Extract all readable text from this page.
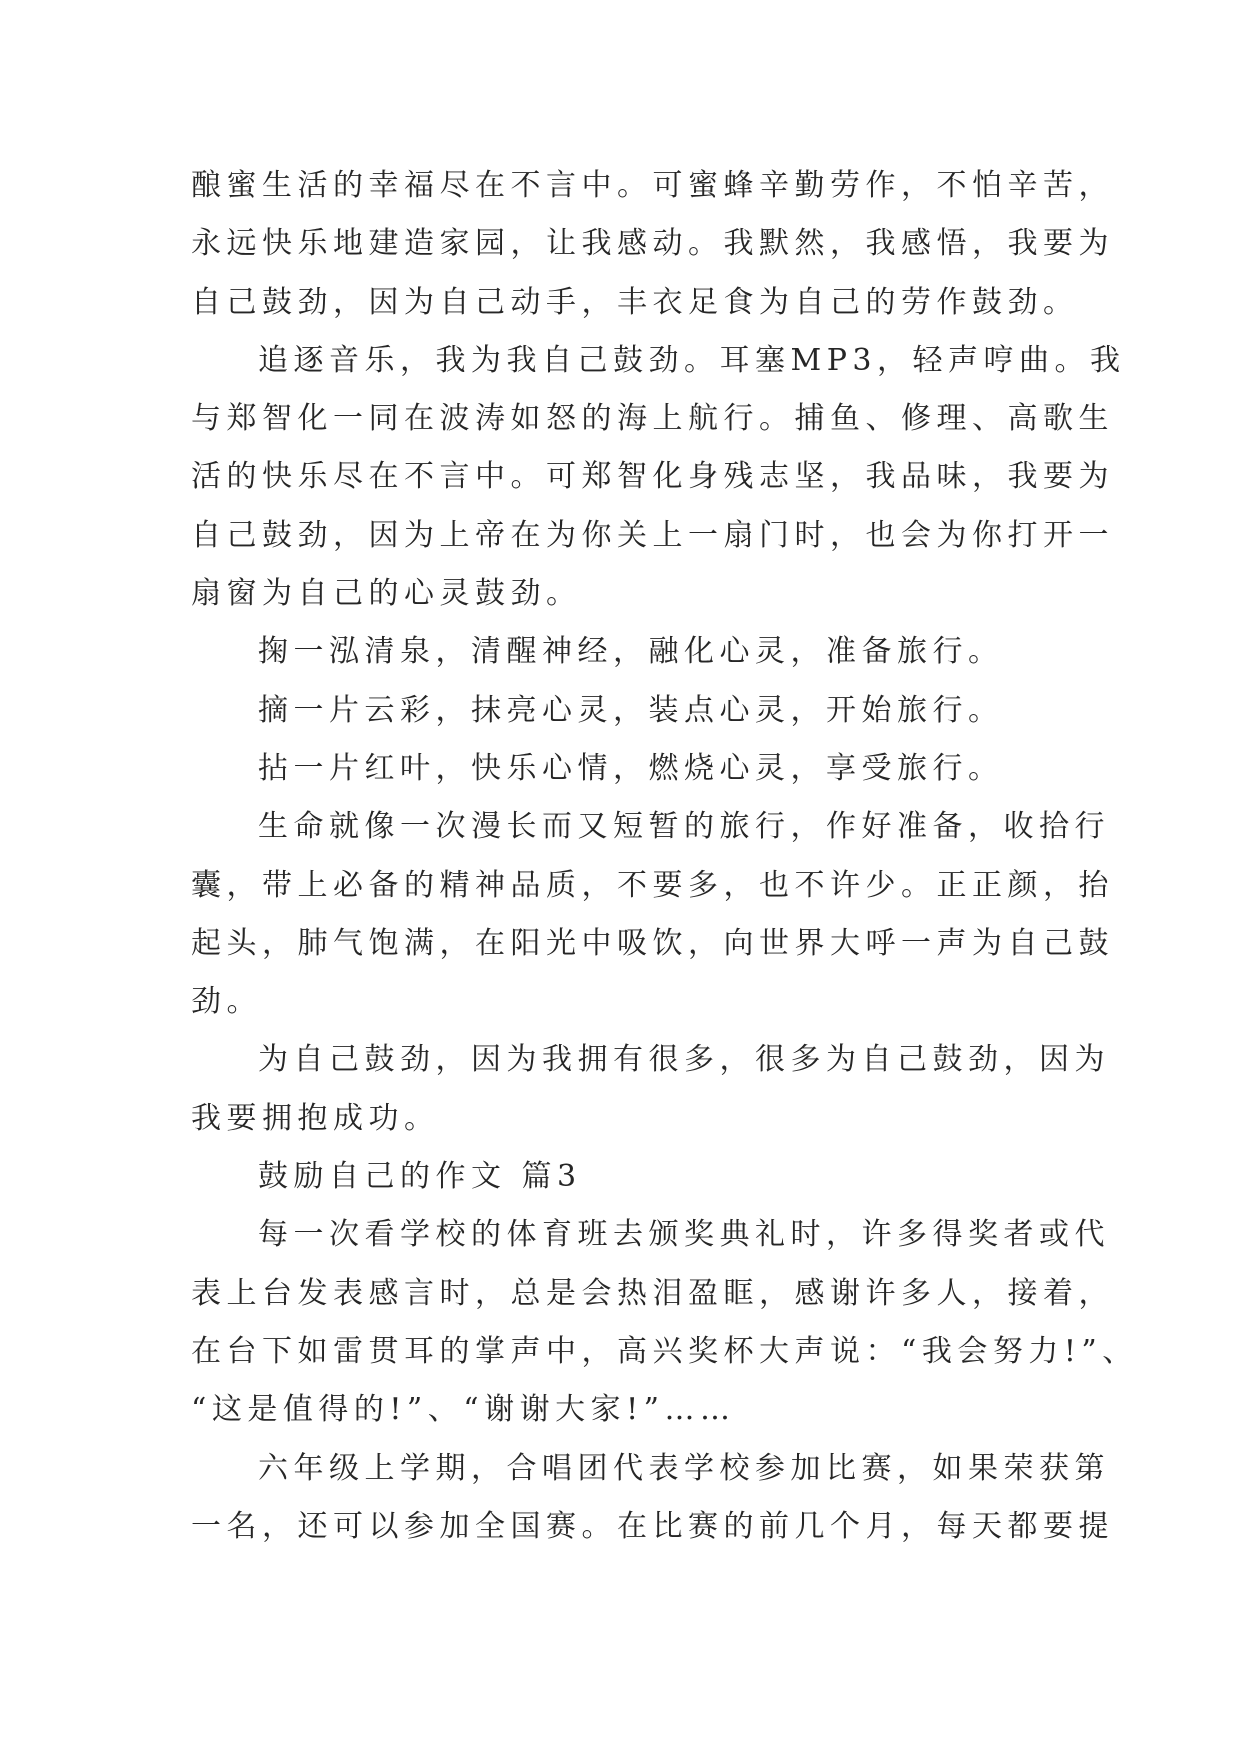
酿蜜生活的幸福尽在不言中。可蜜蜂辛勤劳作，不怕辛苦，
永远快乐地建造家园，让我感动。我默然，我感悟，我要为
自己鼓劲，因为自己动手，丰衣足食为自己的劳作鼓劲。
追逐音乐，我为我自己鼓劲。耳塞MP3，轻声哼曲。我
与郑智化一同在波涛如怒的海上航行。捕鱼、修理、高歌生
活的快乐尽在不言中。可郑智化身残志坚，我品味，我要为
自己鼓劲，因为上帝在为你关上一扇门时，也会为你打开一
扇窗为自己的心灵鼓劲。
掬一泓清泉，清醒神经，融化心灵，准备旅行。
摘一片云彩，抹亮心灵，装点心灵，开始旅行。
拈一片红叶，快乐心情，燃烧心灵，享受旅行。
生命就像一次漫长而又短暂的旅行，作好准备，收拾行
囊，带上必备的精神品质，不要多，也不许少。正正颜，抬
起头，肺气饱满，在阳光中吸饮，向世界大呼一声为自己鼓
劲。
为自己鼓劲，因为我拥有很多，很多为自己鼓劲，因为
我要拥抱成功。
鼓励自己的作文 篇3
每一次看学校的体育班去颁奖典礼时，许多得奖者或代
表上台发表感言时，总是会热泪盈眶，感谢许多人，接着，
在台下如雷贯耳的掌声中，高兴奖杯大声说：“我会努力!”、
“这是值得的!”、“谢谢大家!”……
六年级上学期，合唱团代表学校参加比赛，如果荣获第
一名，还可以参加全国赛。在比赛的前几个月，每天都要提
